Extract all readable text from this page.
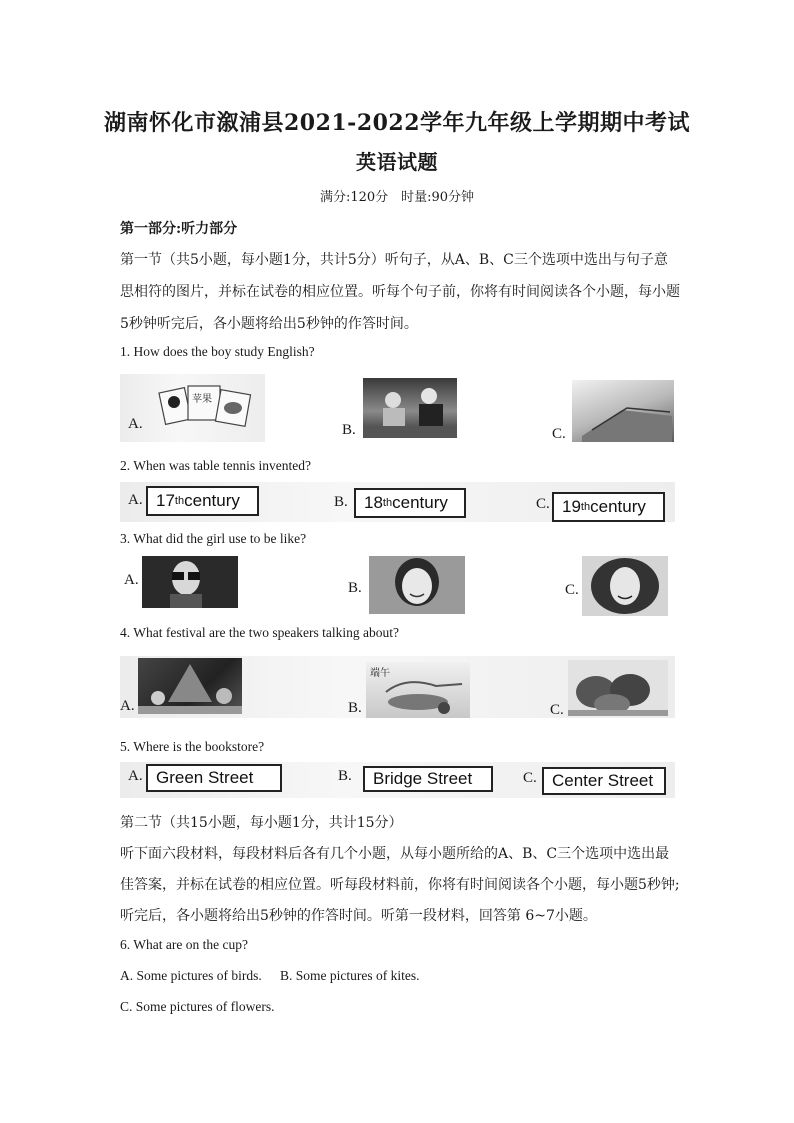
湖南怀化市溆浦县2021-2022学年九年级上学期期中考试
英语试题
满分:120分　时量:90分钟
第一部分:听力部分
第一节（共5小题，每小题1分，共计5分）听句子，从A、B、C三个选项中选出与句子意
思相符的图片，并标在试卷的相应位置。听每个句子前，你将有时间阅读各个小题，每小题
5秒钟听完后，各小题将给出5秒钟的作答时间。
1. How does the boy study English?
苹果
A.	B.	C.
2. When was table tennis invented?
A. 17 th century	B. 18 th century	C. 19 th century
3. What did the girl use to be like?
A.	B.	C.
4. What festival are the two speakers talking about?
A.
端午
B.	C.
5. Where is the bookstore?
A. Green Street	B.	Bridge Street	C. Center Street
第二节（共15小题，每小题1分，共计15分）
听下面六段材料，每段材料后各有几个小题，从每小题所给的A、B、C三个选项中选出最
佳答案，并标在试卷的相应位置。听每段材料前，你将有时间阅读各个小题，每小题5秒钟;
听完后，各小题将给出5秒钟的作答时间。听第一段材料，回答第 6~7小题。
6. What are on the cup?
A. Some pictures of birds.	B. Some pictures of kites.
C. Some pictures of flowers.
